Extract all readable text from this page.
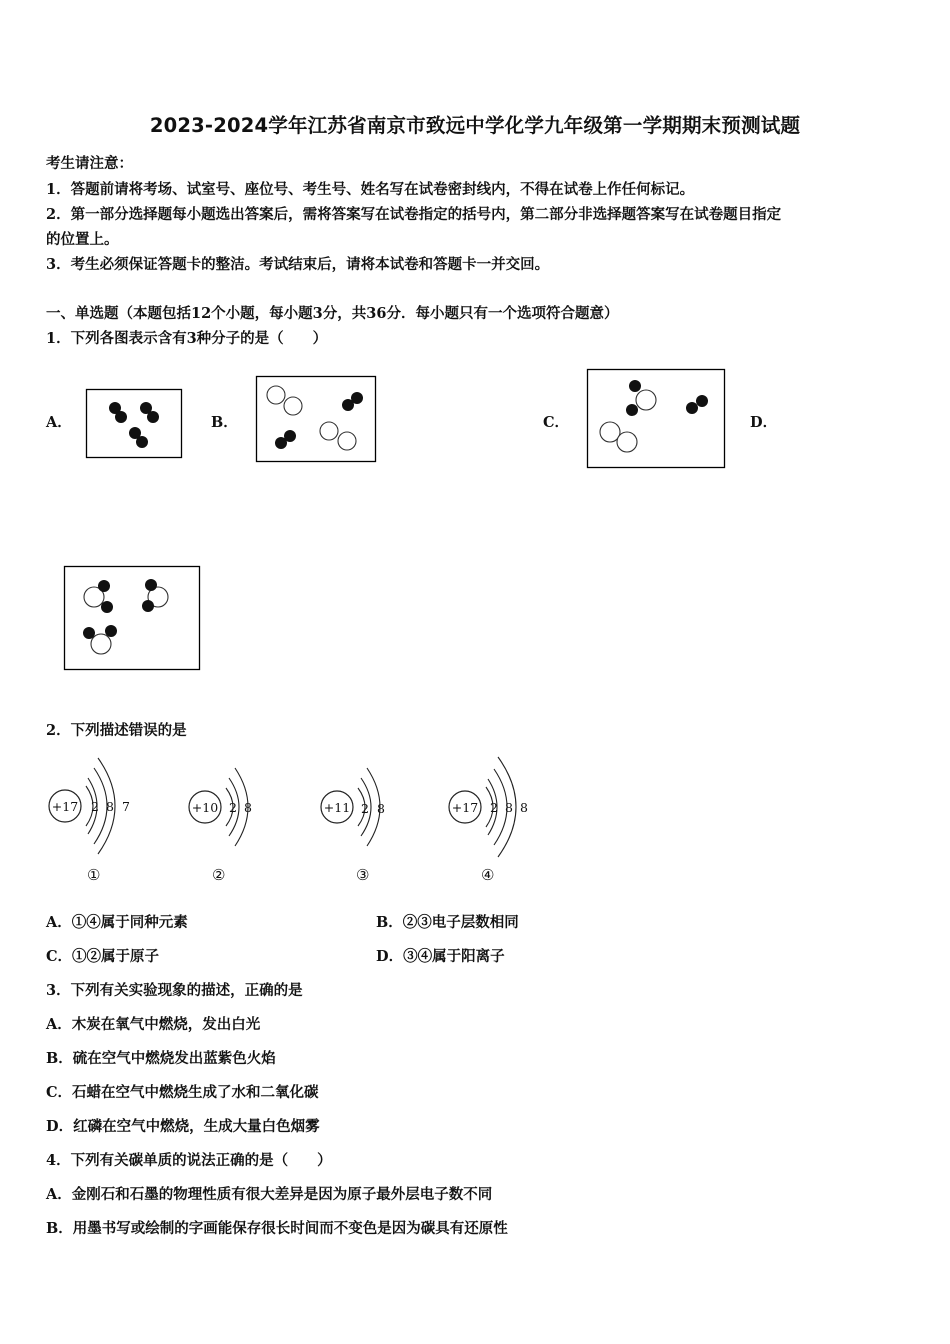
2023-2024学年江苏省南京市致远中学化学九年级第一学期期末预测试题
考生请注意：
1．答题前请将考场、试室号、座位号、考生号、姓名写在试卷密封线内，不得在试卷上作任何标记。
2．第一部分选择题每小题选出答案后，需将答案写在试卷指定的括号内，第二部分非选择题答案写在试卷题目指定
的位置上。
3．考生必须保证答题卡的整洁。考试结束后，请将本试卷和答题卡一并交回。
一、单选题（本题包括12个小题，每小题3分，共36分．每小题只有一个选项符合题意）
1．下列各图表示含有3种分子的是（　　）
A．	B．	C．	D．
2．下列描述错误的是
+17 2 8 7	+10 2 8	+11 2 8	+17 2 8 8
①	②	③	④
A．①④属于同种元素	B．②③电子层数相同
C．①②属于原子	D．③④属于阳离子
3．下列有关实验现象的描述，正确的是
A．木炭在氧气中燃烧，发出白光
B．硫在空气中燃烧发出蓝紫色火焰
C．石蜡在空气中燃烧生成了水和二氧化碳
D．红磷在空气中燃烧，生成大量白色烟雾
4．下列有关碳单质的说法正确的是（　　）
A．金刚石和石墨的物理性质有很大差异是因为原子最外层电子数不同
B．用墨书写或绘制的字画能保存很长时间而不变色是因为碳具有还原性
